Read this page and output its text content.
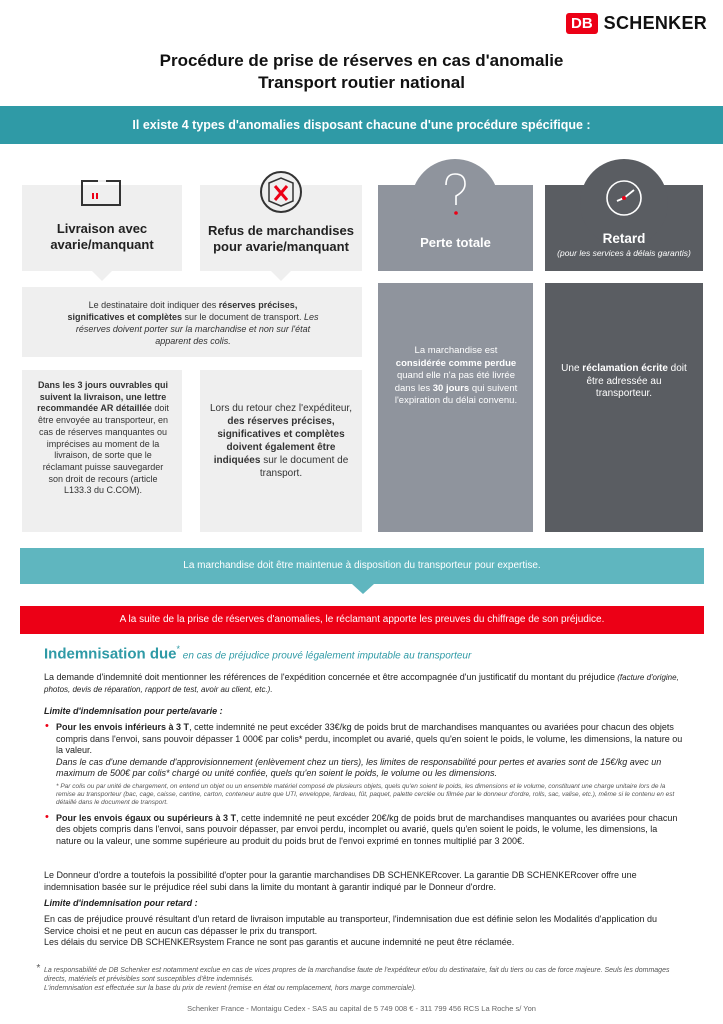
DB SCHENKER
Procédure de prise de réserves en cas d'anomalie
Transport routier national
Il existe 4 types d'anomalies disposant chacune d'une procédure spécifique :
Livraison avec avarie/manquant
Refus de marchandises pour avarie/manquant	Perte totale	Retard
(pour les services à délais garantis)
Le destinataire doit indiquer des réserves précises, significatives et complètes sur le document de transport. Les réserves doivent porter sur la marchandise et non sur l'état apparent des colis.
Dans les 3 jours ouvrables qui suivent la livraison, une lettre recommandée AR détaillée doit être envoyée au transporteur, en cas de réserves manquantes ou imprécises au moment de la livraison, de sorte que le réclamant puisse sauvegarder son droit de recours (article L133.3 du C.COM).
Lors du retour chez l'expéditeur, des réserves précises, significatives et complètes doivent également être indiquées sur le document de transport.
La marchandise est considérée comme perdue quand elle n'a pas été livrée dans les 30 jours qui suivent l'expiration du délai convenu.
Une réclamation écrite doit être adressée au transporteur.
La marchandise doit être maintenue à disposition du transporteur pour expertise.
A la suite de la prise de réserves d'anomalies, le réclamant apporte les preuves du chiffrage de son préjudice.
Indemnisation due* en cas de préjudice prouvé légalement imputable au transporteur
La demande d'indemnité doit mentionner les références de l'expédition concernée et être accompagnée d'un justificatif du montant du préjudice (facture d'origine, photos, devis de réparation, rapport de test, avoir au client, etc.).
Limite d'indemnisation pour perte/avarie :
• Pour les envois inférieurs à 3 T, cette indemnité ne peut excéder 33€/kg de poids brut de marchandises manquantes ou avariées pour chacun des objets compris dans l'envoi, sans pouvoir dépasser 1 000€ par colis* perdu, incomplet ou avarié, quels qu'en soient le poids, le volume, les dimensions, la nature ou la valeur.
Dans le cas d'une demande d'approvisionnement (enlèvement chez un tiers), les limites de responsabilité pour pertes et avaries sont de 15€/kg avec un maximum de 500€ par colis* chargé ou unité confiée, quels qu'en soient le poids, le volume ou les dimensions.

* Par colis ou par unité de chargement, on entend un objet ou un ensemble matériel composé de plusieurs objets, quels qu'en soient le poids, les dimensions et le volume, constituant une charge unitaire lors de la remise au transporteur (bac, cage, caisse, cantine, carton, conteneur autre que UTI, enveloppe, fardeau, fût, paquet, palette cerclée ou filmée par le donneur d'ordre, rolls, sac, valise, etc.), même si le contenu en est détaillé dans le document de transport.
• Pour les envois égaux ou supérieurs à 3 T, cette indemnité ne peut excéder 20€/kg de poids brut de marchandises manquantes ou avariées pour chacun des objets compris dans l'envoi, sans pouvoir dépasser, par envoi perdu, incomplet ou avarié, quels qu'en soient le poids, le volume, les dimensions, la nature ou la valeur, une somme supérieure au produit du poids brut de l'envoi exprimé en tonnes multiplié par 3 200€.
Le Donneur d'ordre a toutefois la possibilité d'opter pour la garantie marchandises DB SCHENKERcover. La garantie DB SCHENKERcover offre une indemnisation basée sur le préjudice réel subi dans la limite du montant à garantir indiqué par le Donneur d'ordre.
Limite d'indemnisation pour retard :
En cas de préjudice prouvé résultant d'un retard de livraison imputable au transporteur, l'indemnisation due est définie selon les Modalités d'application du Service choisi et ne peut en aucun cas dépasser le prix du transport.
Les délais du service DB SCHENKERsystem France ne sont pas garantis et aucune indemnité ne peut être réclamée.
* La responsabilité de DB Schenker est notamment exclue en cas de vices propres de la marchandise faute de l'expéditeur et/ou du destinataire, fait du tiers ou cas de force majeure. Seuls les dommages directs, matériels et prévisibles sont susceptibles d'être indemnisés.
L'indemnisation est effectuée sur la base du prix de revient (remise en état ou remplacement, hors marge commerciale).
Schenker France - Montaigu Cedex - SAS au capital de 5 749 008 € - 311 799 456 RCS La Roche s/ Yon
